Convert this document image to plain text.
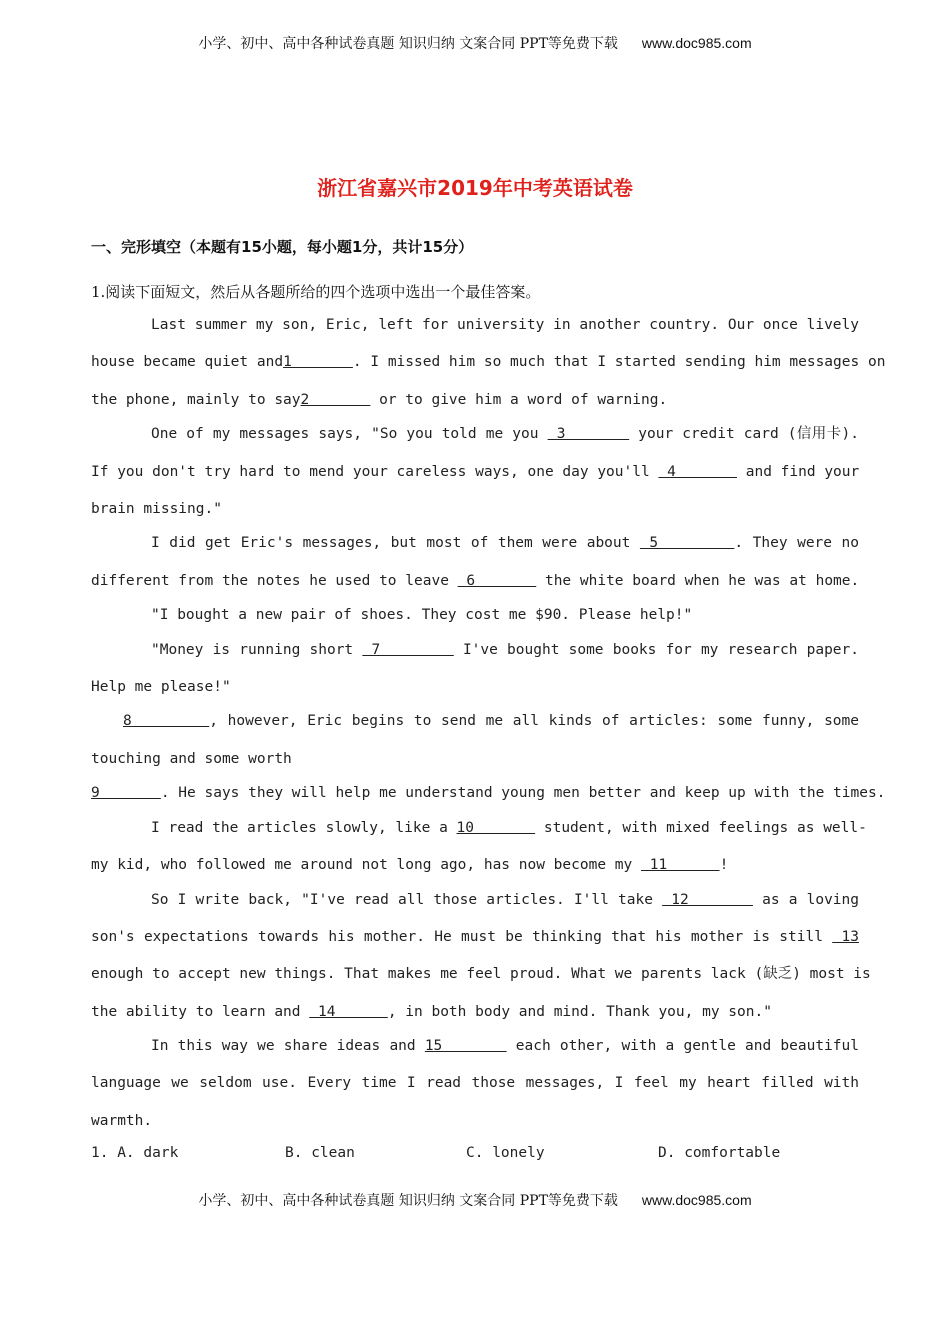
小学、初中、高中各种试卷真题 知识归纳 文案合同 PPT等免费下载 www.doc985.com
浙江省嘉兴市2019年中考英语试卷
一、完形填空（本题有15小题，每小题1分，共计15分）
1.阅读下面短文，然后从各题所给的四个选项中选出一个最佳答案。
Last summer my son, Eric, left for university in another country. Our once lively
house became quiet and1       . I missed him so much that I started sending him messages on
the phone, mainly to say2        or to give him a word of warning.
One of my messages says, "So you told me you  3        your credit card (信用卡).
If you don't try hard to mend your careless ways, one day you'll  4        and find your
brain missing."
I did get Eric's messages, but most of them were about  5        . They were no
different from the notes he used to leave  6        the white board when he was at home.
"I bought a new pair of shoes. They cost me $90. Please help!"
"Money is running short  7         I've bought some books for my research paper.
Help me please!"
8        , however, Eric begins to send me all kinds of articles: some funny, some
touching and some worth
9       . He says they will help me understand young men better and keep up with the times.
I read the articles slowly, like a 10        student, with mixed feelings as well-
my kid, who followed me around not long ago, has now become my  11      !
So I write back, "I've read all those articles. I'll take  12        as a loving
son's expectations towards his mother. He must be thinking that his mother is still  13
enough to accept new things. That makes me feel proud. What we parents lack (缺乏) most is
the ability to learn and  14      , in both body and mind. Thank you, my son."
In this way we share ideas and 15        each other, with a gentle and beautiful
language we seldom use. Every time I read those messages, I feel my heart filled with
warmth.
1. A. dark	B. clean	C. lonely	D. comfortable
小学、初中、高中各种试卷真题 知识归纳 文案合同 PPT等免费下载 www.doc985.com
